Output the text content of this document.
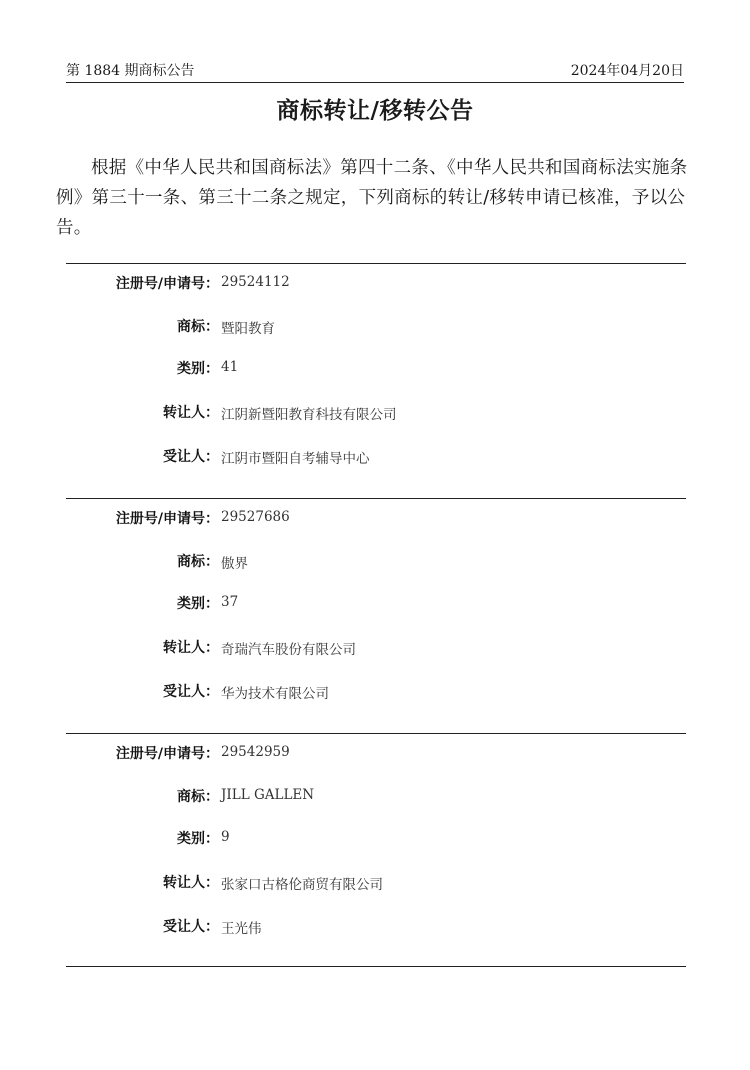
第 1884 期商标公告	2024年04月20日
商标转让/移转公告

根据《中华人民共和国商标法》第四十二条、《中华人民共和国商标法实施条例》第三十一条、第三十二条之规定，下列商标的转让/移转申请已核准，予以公告。

注册号/申请号： 29524112
商标： 暨阳教育
类别： 41
转让人： 江阴新暨阳教育科技有限公司
受让人： 江阴市暨阳自考辅导中心
注册号/申请号： 29527686
商标： 傲界
类别： 37
转让人： 奇瑞汽车股份有限公司
受让人： 华为技术有限公司
注册号/申请号： 29542959
商标： JILL GALLEN
类别： 9
转让人： 张家口古格伦商贸有限公司
受让人： 王光伟
